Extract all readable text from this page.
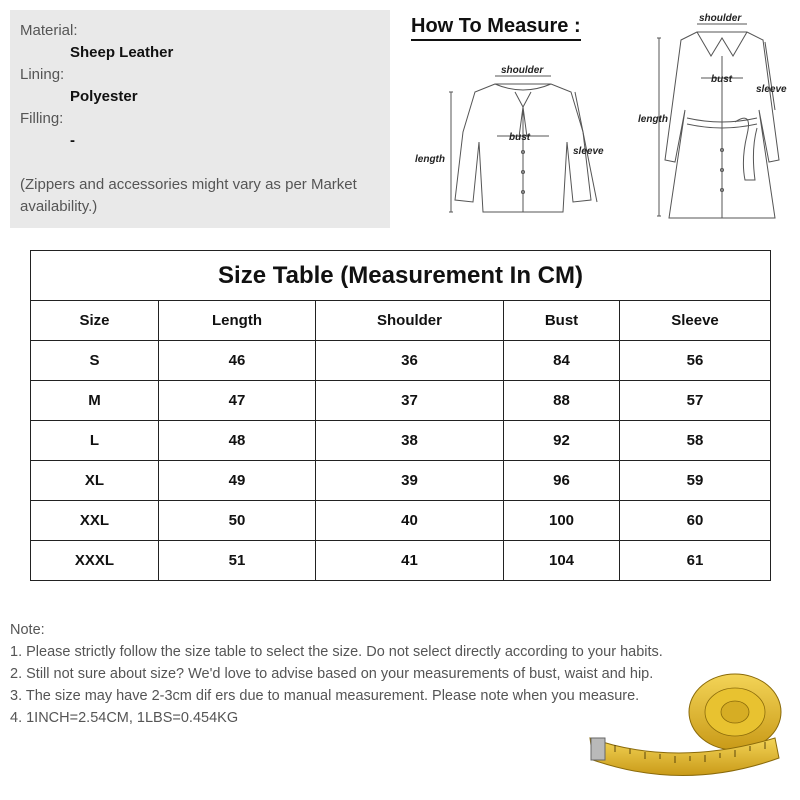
Material:
Sheep Leather
Lining:
Polyester
Filling:
-
(Zippers and accessories might vary as per Market availability.)
How To Measure :
shoulder
bust
length
sleeve
shoulder
bust
length
sleeve
Size Table (Measurement In CM)				
Size	Length	Shoulder	Bust	Sleeve
S	46	36	84	56
M	47	37	88	57
L	48	38	92	58
XL	49	39	96	59
XXL	50	40	100	60
XXXL	51	41	104	61
Note:
1. Please strictly follow the size table to select the size. Do not select directly according to your habits.
2. Still not sure about size? We'd love to advise based on your measurements of bust, waist and hip.
3. The size may have 2-3cm dif ers due to manual measurement. Please note when you measure.
4. 1INCH=2.54CM, 1LBS=0.454KG
